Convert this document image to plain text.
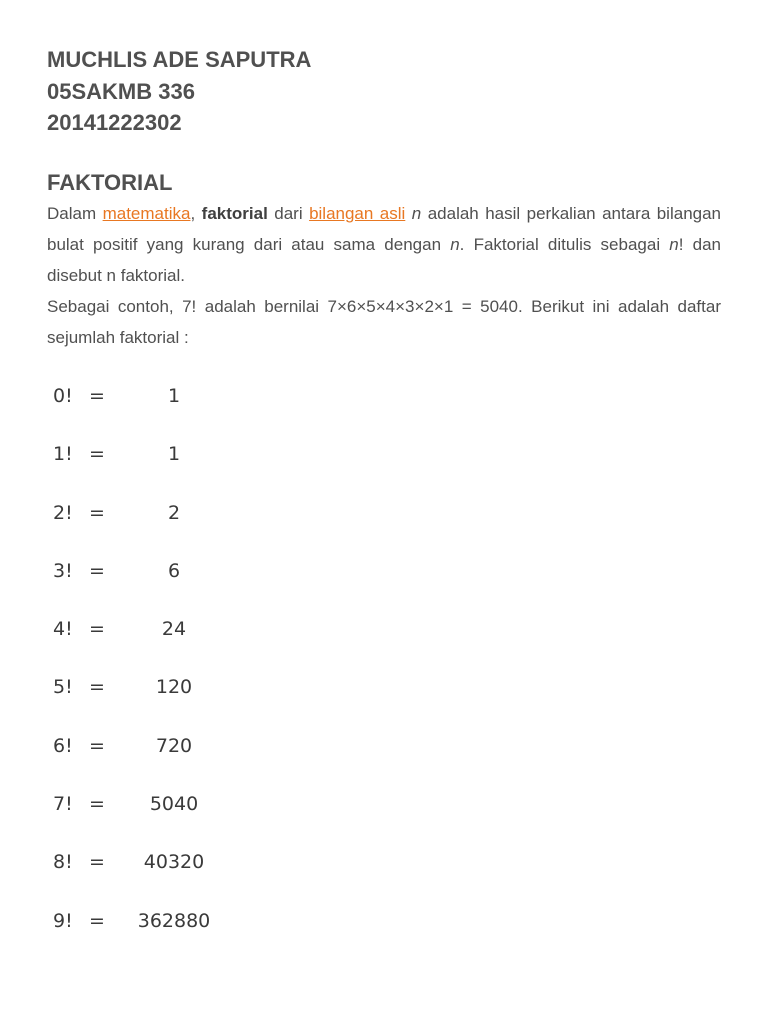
MUCHLIS ADE SAPUTRA

05SAKMB 336

20141222302

FAKTORIAL

Dalam matematika, faktorial dari bilangan asli n adalah hasil perkalian antara bilangan bulat positif yang kurang dari atau sama dengan n. Faktorial ditulis sebagai n! dan disebut n faktorial.

Sebagai contoh, 7! adalah bernilai 7×6×5×4×3×2×1 = 5040. Berikut ini adalah daftar sejumlah faktorial :

0! =	1
1! =	1
2! =	2
3! =	6
4! =	24
5! =	120
6! =	720
7! =	5040
8! =	40320
9! =	362880
